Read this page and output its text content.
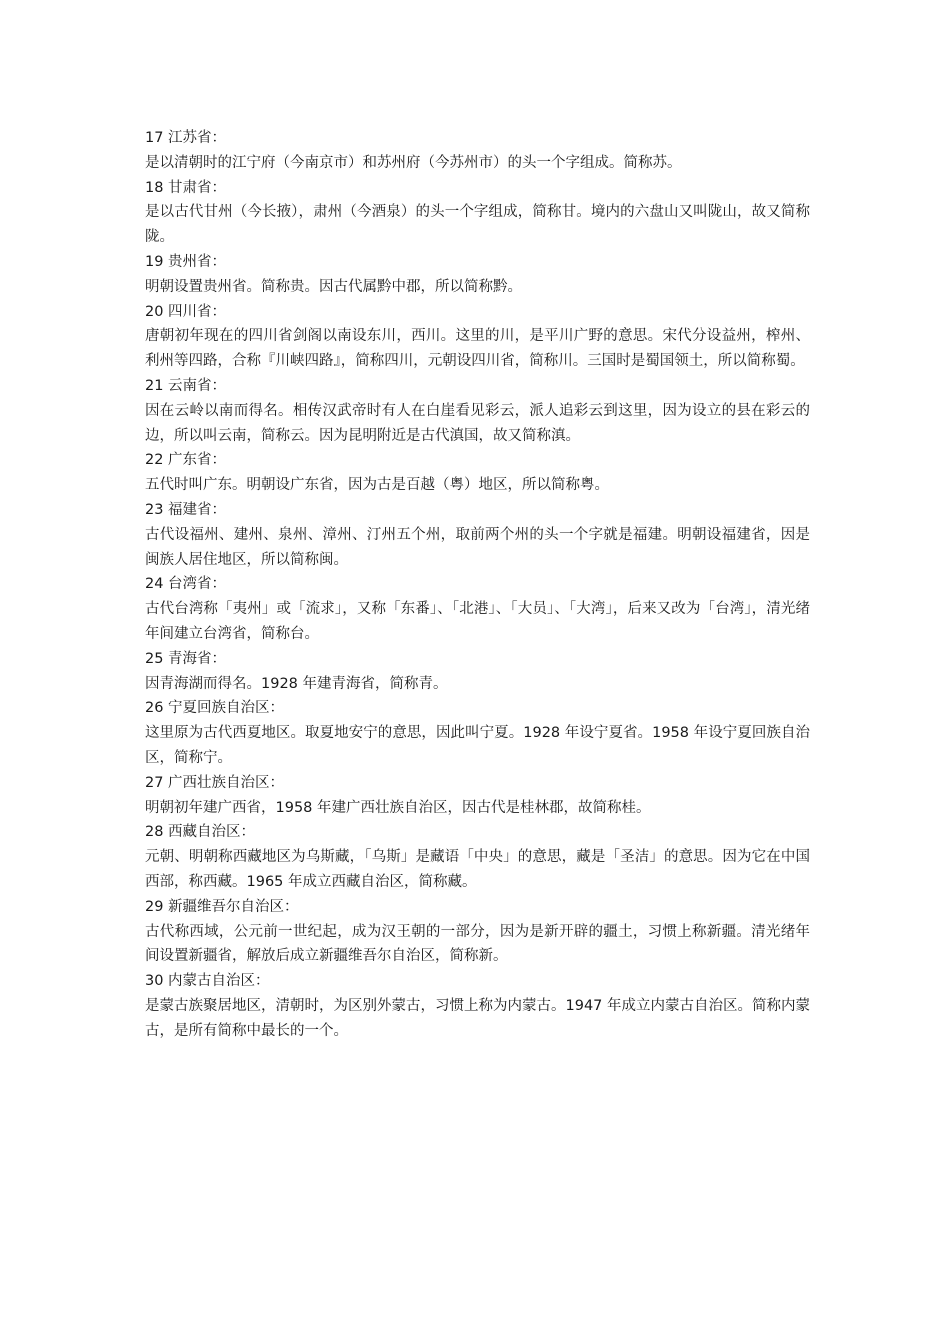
17 江苏省：

是以清朝时的江宁府（今南京市）和苏州府（今苏州市）的头一个字组成。简称苏。

18 甘肃省：

是以古代甘州（今长掖），肃州（今酒泉）的头一个字组成，简称甘。境内的六盘山又叫陇山，故又简称陇。

19 贵州省：

明朝设置贵州省。简称贵。因古代属黔中郡，所以简称黔。

20 四川省：

唐朝初年现在的四川省剑阁以南设东川，西川。这里的川，是平川广野的意思。宋代分设益州，榨州、利州等四路，合称『川峡四路』，简称四川，元朝设四川省，简称川。三国时是蜀国领土，所以简称蜀。

21 云南省：

因在云岭以南而得名。相传汉武帝时有人在白崖看见彩云，派人追彩云到这里，因为设立的县在彩云的边，所以叫云南，简称云。因为昆明附近是古代滇国，故又简称滇。

22 广东省：

五代时叫广东。明朝设广东省，因为古是百越（粤）地区，所以简称粤。

23 福建省：

古代设福州、建州、泉州、漳州、汀州五个州，取前两个州的头一个字就是福建。明朝设福建省，因是闽族人居住地区，所以简称闽。

24 台湾省：

古代台湾称「夷州」或「流求」，又称「东番」、「北港」、「大员」、「大湾」，后来又改为「台湾」，清光绪年间建立台湾省，简称台。

25 青海省：

因青海湖而得名。1928 年建青海省，简称青。

26 宁夏回族自治区：

这里原为古代西夏地区。取夏地安宁的意思，因此叫宁夏。1928 年设宁夏省。1958 年设宁夏回族自治区，简称宁。

27 广西壮族自治区：

明朝初年建广西省，1958 年建广西壮族自治区，因古代是桂林郡，故简称桂。

28 西藏自治区：

元朝、明朝称西藏地区为乌斯藏，「乌斯」是藏语「中央」的意思，藏是「圣洁」的意思。因为它在中国西部，称西藏。1965 年成立西藏自治区，简称藏。

29 新疆维吾尔自治区：

古代称西域，公元前一世纪起，成为汉王朝的一部分，因为是新开辟的疆土，习惯上称新疆。清光绪年间设置新疆省，解放后成立新疆维吾尔自治区，简称新。

30 内蒙古自治区：

是蒙古族聚居地区，清朝时，为区别外蒙古，习惯上称为内蒙古。1947 年成立内蒙古自治区。简称内蒙古，是所有简称中最长的一个。
